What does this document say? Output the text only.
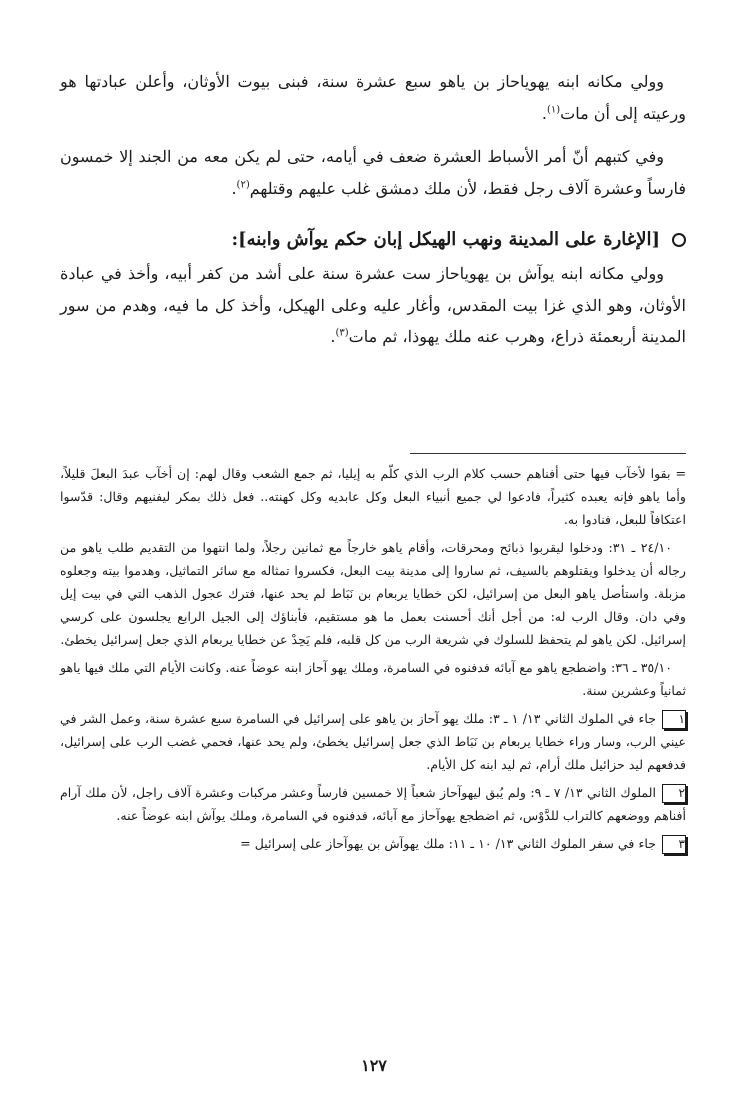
وولي مكانه ابنه يهوياحاز بن ياهو سبع عشرة سنة، فبنى بيوت الأوثان، وأعلن عبادتها هو ورعيته إلى أن مات$^{(١)}$.

وفي كتبهم أنّ أمر الأسباط العشرة ضعف في أيامه، حتى لم يكن معه من الجند إلا خمسون فارساً وعشرة آلاف رجل فقط، لأن ملك دمشق غلب عليهم وقتلهم$^{(٢)}$.

[الإغارة على المدينة ونهب الهيكل إبان حكم يوآش وابنه]:

وولي مكانه ابنه يوآش بن يهوياحاز ست عشرة سنة على أشد من كفر أبيه، وأخذ في عبادة الأوثان، وهو الذي غزا بيت المقدس، وأغار عليه وعلى الهيكل، وأخذ كل ما فيه، وهدم من سور المدينة أربعمئة ذراع، وهرب عنه ملك يهوذا، ثم مات$^{(٣)}$.

= بقوا لأخآب فيها حتى أفناهم حسب كلام الرب الذي كلّم به إيليا، ثم جمع الشعب وقال لهم: إن أخآب عبدَ البعلَ قليلاً، وأما ياهو فإنه يعبده كثيراً، فادعوا لي جميع أنبياء البعل وكل عابديه وكل كهنته.. فعل ذلك بمكر ليفنيهم وقال: قدّسوا اعتكافاً للبعل، فنادوا به.

٢٤/١٠ ـ ٣١: ودخلوا ليقربوا ذبائح ومحرقات، وأقام ياهو خارجاً مع ثمانين رجلاً، ولما انتهوا من التقديم طلب ياهو من رجاله أن يدخلوا ويقتلوهم بالسيف، ثم ساروا إلى مدينة بيت البعل، فكسروا تمثاله مع سائر التماثيل، وهدموا بيته وجعلوه مزبلة. واستأصل ياهو البعل من إسرائيل، لكن خطايا يربعام بن نَبَاط لم يحد عنها، فترك عجول الذهب التي في بيت إيل وفي دان. وقال الرب له: من أجل أنك أحسنت بعمل ما هو مستقيم، فأبناؤك إلى الجيل الرابع يجلسون على كرسي إسرائيل. لكن ياهو لم يتحفظ للسلوك في شريعة الرب من كل قلبه، فلم يَحِدْ عن خطايا يربعام الذي جعل إسرائيل يخطئ.

٣٥/١٠ ـ ٣٦: واضطجع ياهو مع آبائه فدفنوه في السامرة، وملك يهو آحاز ابنه عوضاً عنه. وكانت الأيام التي ملك فيها ياهو ثمانياً وعشرين سنة.

١جاء في الملوك الثاني ١٣/ ١ ـ ٣: ملك يهو آحاز بن ياهو على إسرائيل في السامرة سبع عشرة سنة، وعمل الشر في عيني الرب، وسار وراء خطايا يربعام بن نَبَاط الذي جعل إسرائيل يخطئ، ولم يحد عنها، فحمي غضب الرب على إسرائيل، فدفعهم ليد حزائيل ملك أرام، ثم ليد ابنه كل الأيام.

٢الملوك الثاني ١٣/ ٧ ـ ٩: ولم يُبق ليهوآحاز شعباً إلا خمسين فارساً وعشر مركبات وعشرة آلاف راجل، لأن ملك آرام أفناهم ووضعهم كالتراب للدَّوْس، ثم اضطجع يهوآحاز مع آبائه، فدفنوه في السامرة، وملك يوآش ابنه عوضاً عنه.

٣جاء في سفر الملوك الثاني ١٣/ ١٠ ـ ١١: ملك يهوآش بن يهوآحاز على إسرائيل =

١٢٧
